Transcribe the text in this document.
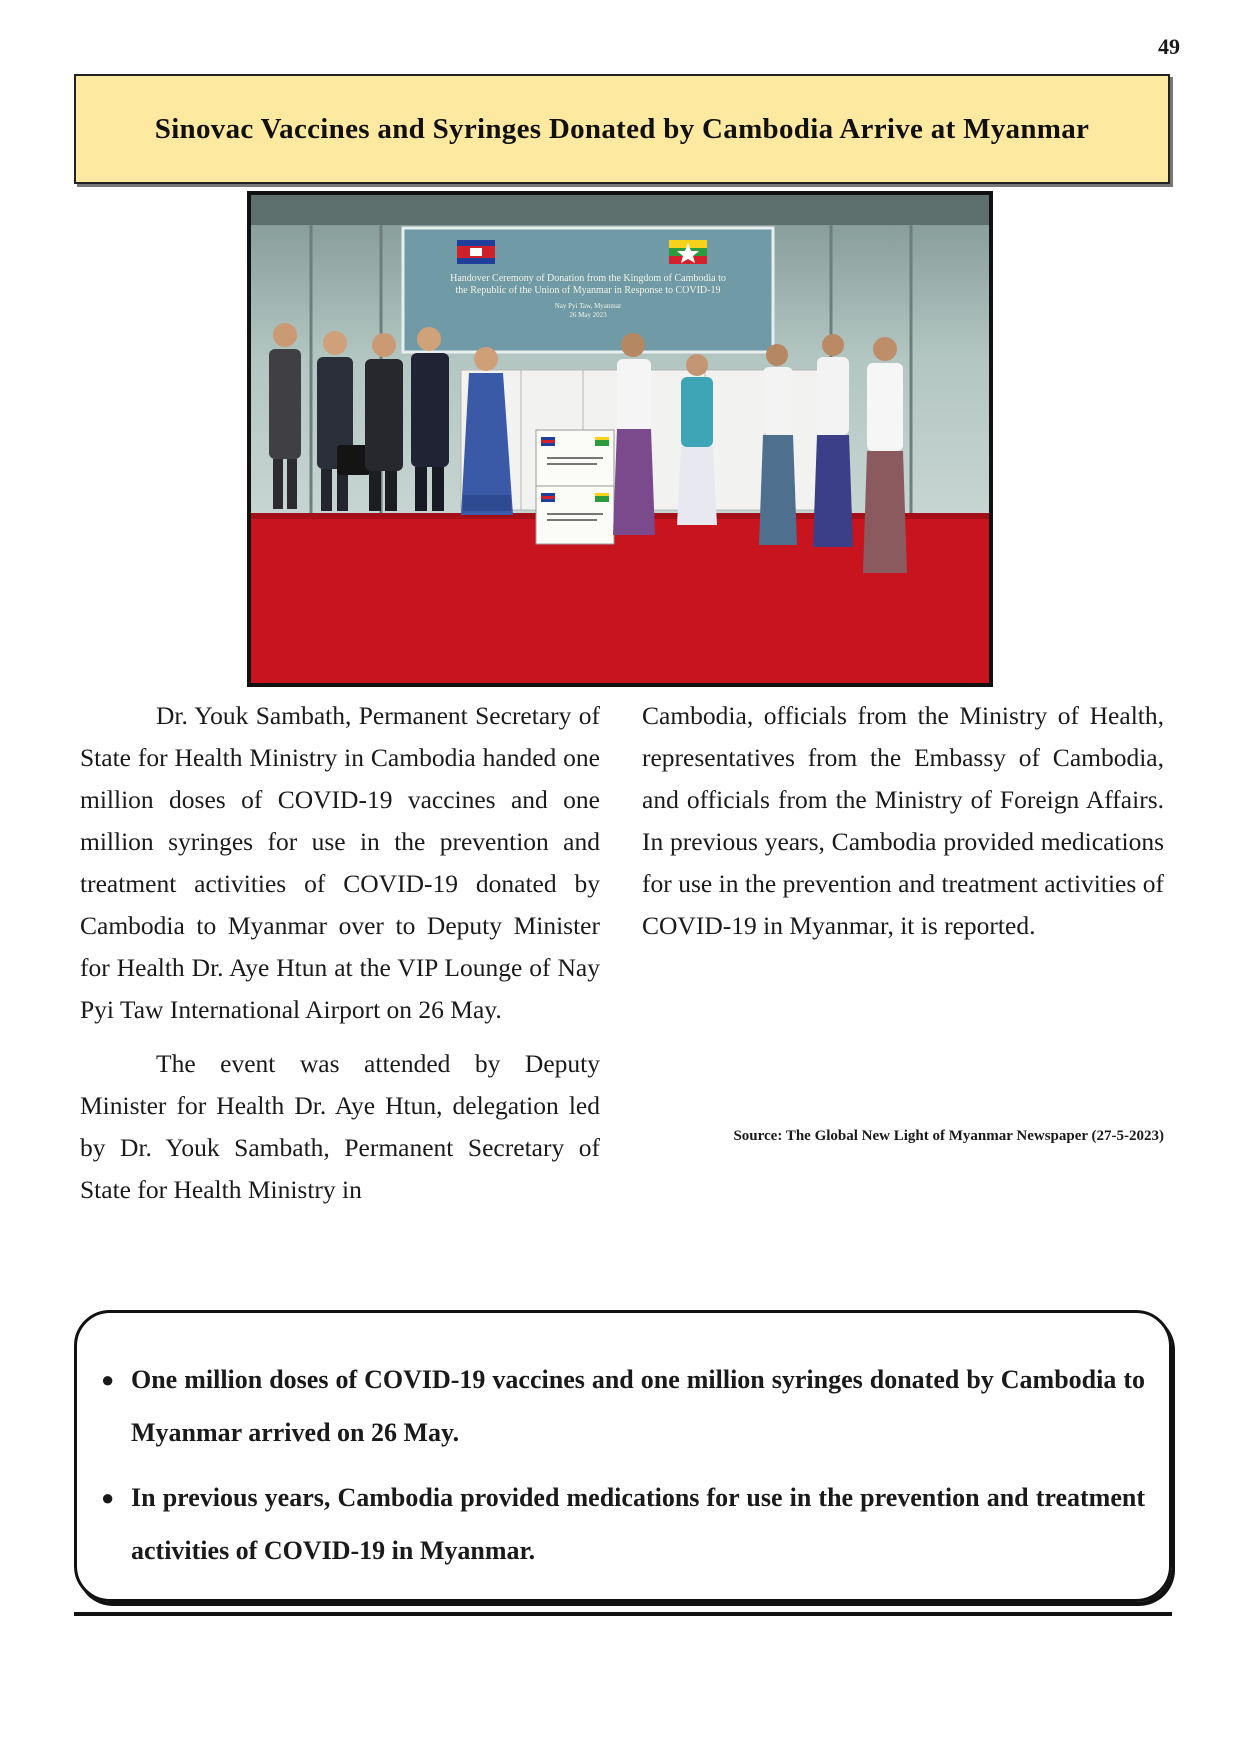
49
Sinovac Vaccines and Syringes Donated by Cambodia Arrive at Myanmar
Handover Ceremony of Donation from the Kingdom of Cambodia to
the Republic of the Union of Myanmar in Response to COVID-19
Nay Pyi Taw, Myanmar
26 May 2023

Dr. Youk Sambath, Permanent Secretary of State for Health Ministry in Cambodia handed one million doses of COVID-19 vaccines and one million syringes for use in the prevention and treatment activities of COVID-19 donated by Cambodia to Myanmar over to Deputy Minister for Health Dr. Aye Htun at the VIP Lounge of Nay Pyi Taw International Airport on 26 May.

The event was attended by Deputy Minister for Health Dr. Aye Htun, delegation led by Dr. Youk Sambath, Permanent Secretary of State for Health Ministry in

Cambodia, officials from the Ministry of Health, representatives from the Embassy of Cambodia, and officials from the Ministry of Foreign Affairs. In previous years, Cambodia provided medications for use in the prevention and treatment activities of COVID-19 in Myanmar, it is reported.

Source: The Global New Light of Myanmar Newspaper (27-5-2023)
● One million doses of COVID-19 vaccines and one million syringes donated by Cambodia to Myanmar arrived on 26 May.
● In previous years, Cambodia provided medications for use in the prevention and treatment activities of COVID-19 in Myanmar.
